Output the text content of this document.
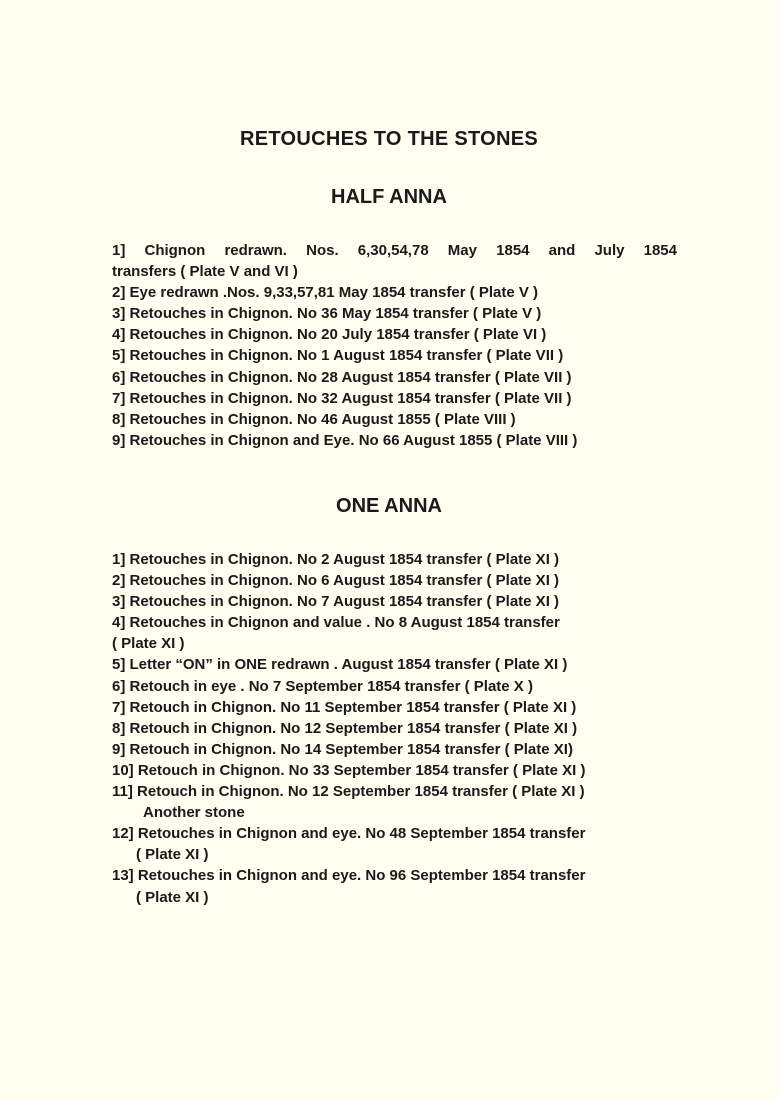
RETOUCHES TO THE STONES
HALF ANNA
1] Chignon redrawn. Nos. 6,30,54,78 May 1854 and July 1854
transfers ( Plate V and VI )
2] Eye redrawn .Nos. 9,33,57,81 May 1854 transfer ( Plate V )
3] Retouches in Chignon. No 36 May 1854 transfer ( Plate V )
4] Retouches in Chignon. No 20 July 1854 transfer ( Plate VI )
5] Retouches in Chignon. No 1 August 1854 transfer ( Plate VII )
6] Retouches in Chignon. No 28 August 1854 transfer ( Plate VII )
7] Retouches in Chignon. No 32 August 1854 transfer ( Plate VII )
8] Retouches in Chignon. No 46 August 1855 ( Plate VIII )
9] Retouches in Chignon and Eye. No 66 August 1855 ( Plate VIII )
ONE ANNA
1] Retouches in Chignon. No 2 August 1854 transfer ( Plate XI )
2] Retouches in Chignon. No 6 August 1854 transfer ( Plate XI )
3] Retouches in Chignon. No 7 August 1854 transfer ( Plate XI )
4] Retouches in Chignon and value . No 8 August 1854 transfer
( Plate XI )
5] Letter “ON” in ONE redrawn . August 1854 transfer ( Plate XI )
6] Retouch in eye . No 7 September 1854 transfer ( Plate X )
7] Retouch in Chignon. No 11 September 1854 transfer ( Plate XI )
8] Retouch in Chignon. No 12 September 1854 transfer ( Plate XI )
9] Retouch in Chignon. No 14 September 1854 transfer ( Plate XI)
10] Retouch in Chignon. No 33 September 1854 transfer ( Plate XI )
11] Retouch in Chignon. No 12 September 1854 transfer ( Plate XI )
Another stone
12] Retouches in Chignon and eye. No 48 September 1854 transfer
( Plate XI )
13] Retouches in Chignon and eye. No 96 September 1854 transfer
( Plate XI )
